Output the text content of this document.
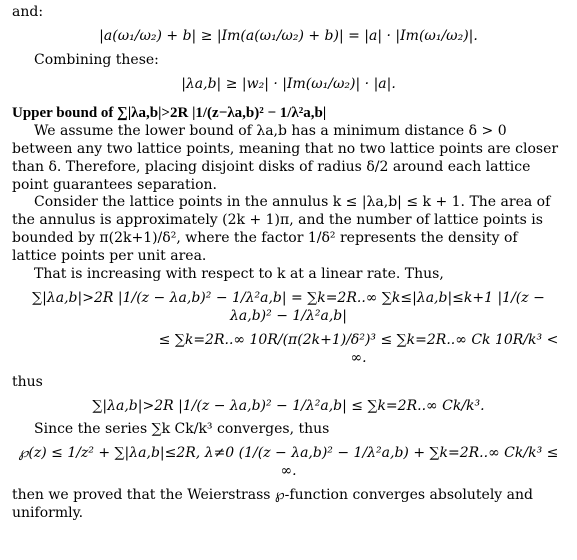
and:

|a(ω₁/ω₂) + b| ≥ |Im(a(ω₁/ω₂) + b)| = |a| · |Im(ω₁/ω₂)|.

Combining these:

|λa,b| ≥ |w₂| · |Im(ω₁/ω₂)| · |a|.

Upper bound of ∑|λa,b|>2R |1/(z−λa,b)² − 1/λ²a,b|

We assume the lower bound of λa,b has a minimum distance δ > 0 between any two lattice points, meaning that no two lattice points are closer than δ. Therefore, placing disjoint disks of radius δ/2 around each lattice point guarantees separation.

Consider the lattice points in the annulus k ≤ |λa,b| ≤ k + 1. The area of the annulus is approximately (2k + 1)π, and the number of lattice points is bounded by π(2k+1)/δ², where the factor 1/δ² represents the density of lattice points per unit area.

That is increasing with respect to k at a linear rate. Thus,

∑|λa,b|>2R |1/(z − λa,b)² − 1/λ²a,b| = ∑k=2R..∞ ∑k≤|λa,b|≤k+1 |1/(z − λa,b)² − 1/λ²a,b|

≤ ∑k=2R..∞ 10R/(π(2k+1)/δ²)³ ≤ ∑k=2R..∞ Ck 10R/k³ < ∞.

thus

∑|λa,b|>2R |1/(z − λa,b)² − 1/λ²a,b| ≤ ∑k=2R..∞ Ck/k³.

Since the series ∑k Ck/k³ converges, thus

℘(z) ≤ 1/z² + ∑|λa,b|≤2R, λ≠0 (1/(z − λa,b)² − 1/λ²a,b) + ∑k=2R..∞ Ck/k³ ≤ ∞.

then we proved that the Weierstrass ℘-function converges absolutely and uniformly.
